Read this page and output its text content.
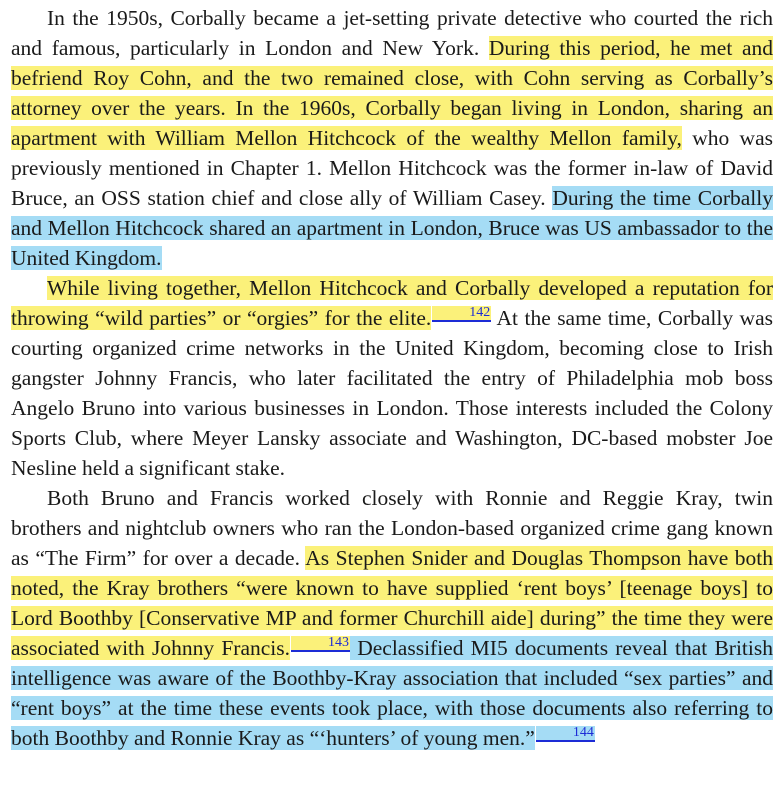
In the 1950s, Corbally became a jet-setting private detective who courted the rich and famous, particularly in London and New York. During this period, he met and befriend Roy Cohn, and the two remained close, with Cohn serving as Corbally’s attorney over the years. In the 1960s, Corbally began living in London, sharing an apartment with William Mellon Hitchcock of the wealthy Mellon family, who was previously mentioned in Chapter 1. Mellon Hitchcock was the former in-law of David Bruce, an OSS station chief and close ally of William Casey. During the time Corbally and Mellon Hitchcock shared an apartment in London, Bruce was US ambassador to the United Kingdom.

While living together, Mellon Hitchcock and Corbally developed a reputation for throwing “wild parties” or “orgies” for the elite.	142 At the same time, Corbally was courting organized crime networks in the United Kingdom, becoming close to Irish gangster Johnny Francis, who later facilitated the entry of Philadelphia mob boss Angelo Bruno into various businesses in London. Those interests included the Colony Sports Club, where Meyer Lansky associate and Washington, DC-based mobster Joe Nesline held a significant stake.

Both Bruno and Francis worked closely with Ronnie and Reggie Kray, twin brothers and nightclub owners who ran the London-based organized crime gang known as “The Firm” for over a decade. As Stephen Snider and Douglas Thompson have both noted, the Kray brothers “were known to have supplied ‘rent boys’ [teenage boys] to Lord Boothby [Conservative MP and former Churchill aide] during” the time they were associated with Johnny Francis.	143 Declassified MI5 documents reveal that British intelligence was aware of the Boothby-Kray association that included “sex parties” and “rent boys” at the time these events took place, with those documents also referring to both Boothby and Ronnie Kray as “‘hunters’ of young men.”	144
